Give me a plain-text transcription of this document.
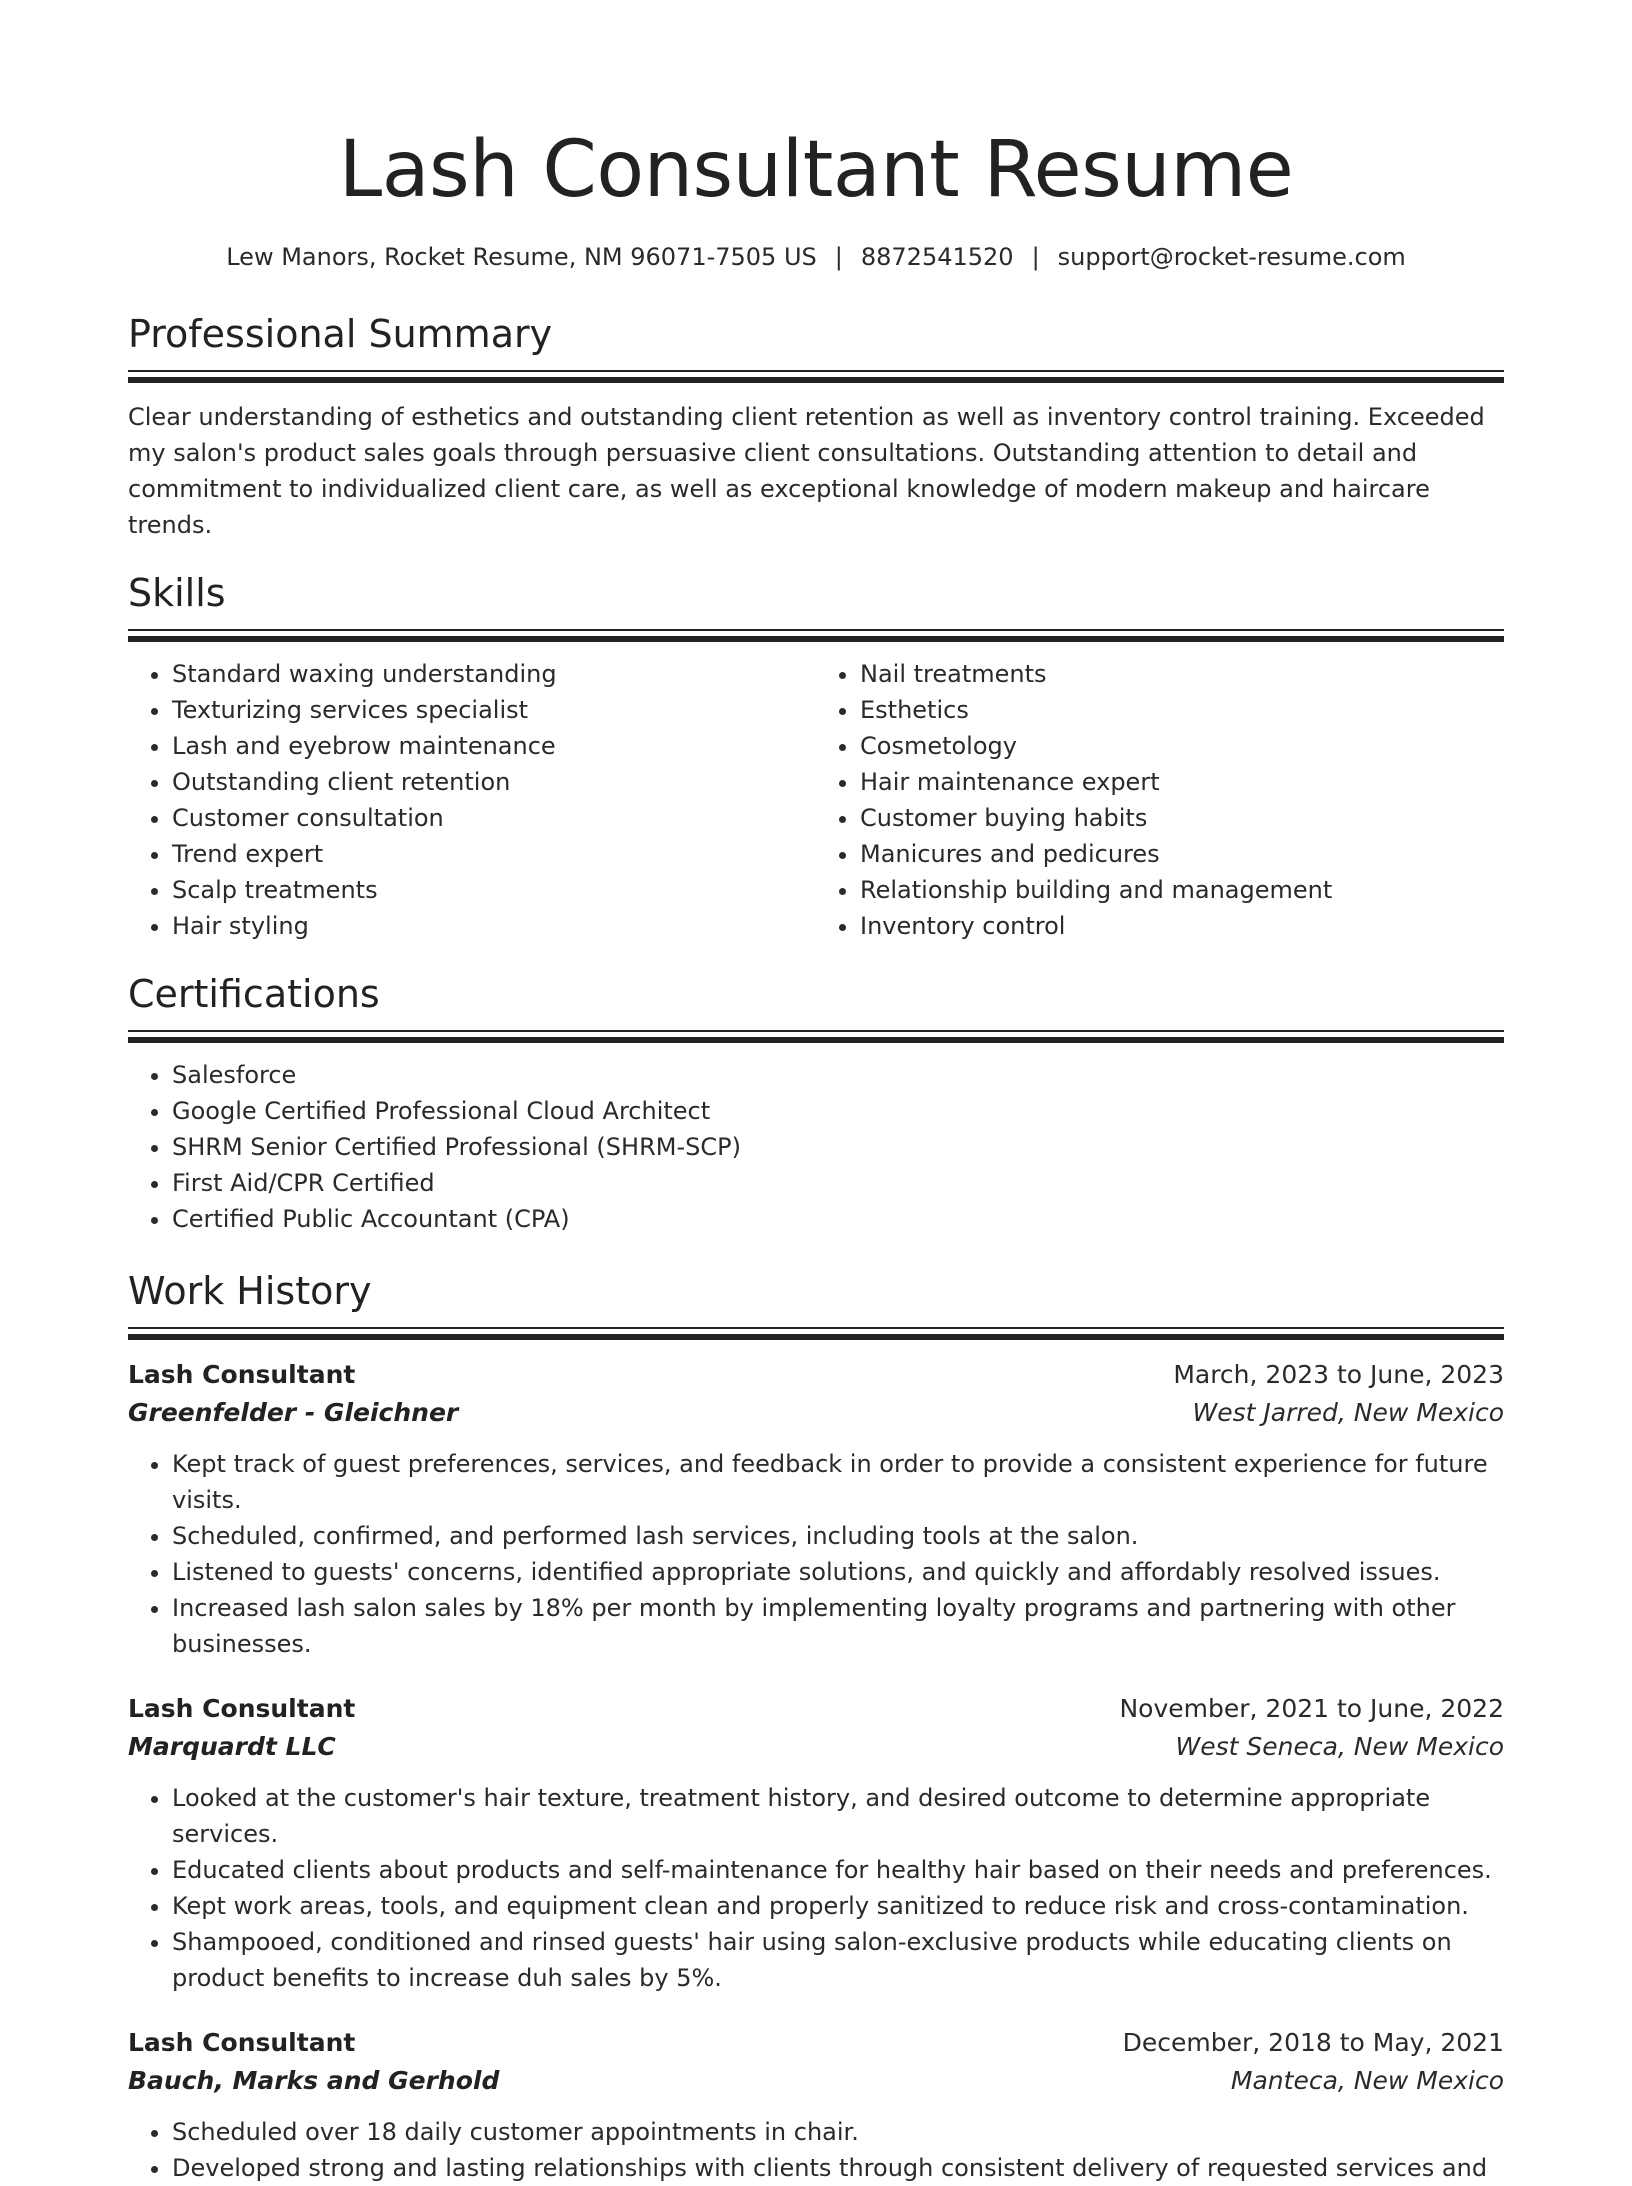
Lash Consultant Resume
Lew Manors, Rocket Resume, NM 96071-7505 US | 8872541520 | support@rocket-resume.com
Professional Summary

Clear understanding of esthetics and outstanding client retention as well as inventory control training. Exceeded my salon's product sales goals through persuasive client consultations. Outstanding attention to detail and commitment to individualized client care, as well as exceptional knowledge of modern makeup and haircare trends.

Skills
• Standard waxing understanding
• Texturizing services specialist
• Lash and eyebrow maintenance
• Outstanding client retention
• Customer consultation
• Trend expert
• Scalp treatments
• Hair styling
• Nail treatments
• Esthetics
• Cosmetology
• Hair maintenance expert
• Customer buying habits
• Manicures and pedicures
• Relationship building and management
• Inventory control
Certifications
• Salesforce
• Google Certified Professional Cloud Architect
• SHRM Senior Certified Professional (SHRM-SCP)
• First Aid/CPR Certified
• Certified Public Accountant (CPA)
Work History
Lash Consultant	March, 2023 to June, 2023
Greenfelder - Gleichner	West Jarred, New Mexico
• Kept track of guest preferences, services, and feedback in order to provide a consistent experience for future visits.
• Scheduled, confirmed, and performed lash services, including tools at the salon.
• Listened to guests' concerns, identified appropriate solutions, and quickly and affordably resolved issues.
• Increased lash salon sales by 18% per month by implementing loyalty programs and partnering with other businesses.
Lash Consultant	November, 2021 to June, 2022
Marquardt LLC	West Seneca, New Mexico
• Looked at the customer's hair texture, treatment history, and desired outcome to determine appropriate services.
• Educated clients about products and self-maintenance for healthy hair based on their needs and preferences.
• Kept work areas, tools, and equipment clean and properly sanitized to reduce risk and cross-contamination.
• Shampooed, conditioned and rinsed guests' hair using salon-exclusive products while educating clients on product benefits to increase duh sales by 5%.
Lash Consultant	December, 2018 to May, 2021
Bauch, Marks and Gerhold	Manteca, New Mexico
• Scheduled over 18 daily customer appointments in chair.
• Developed strong and lasting relationships with clients through consistent delivery of requested services and
